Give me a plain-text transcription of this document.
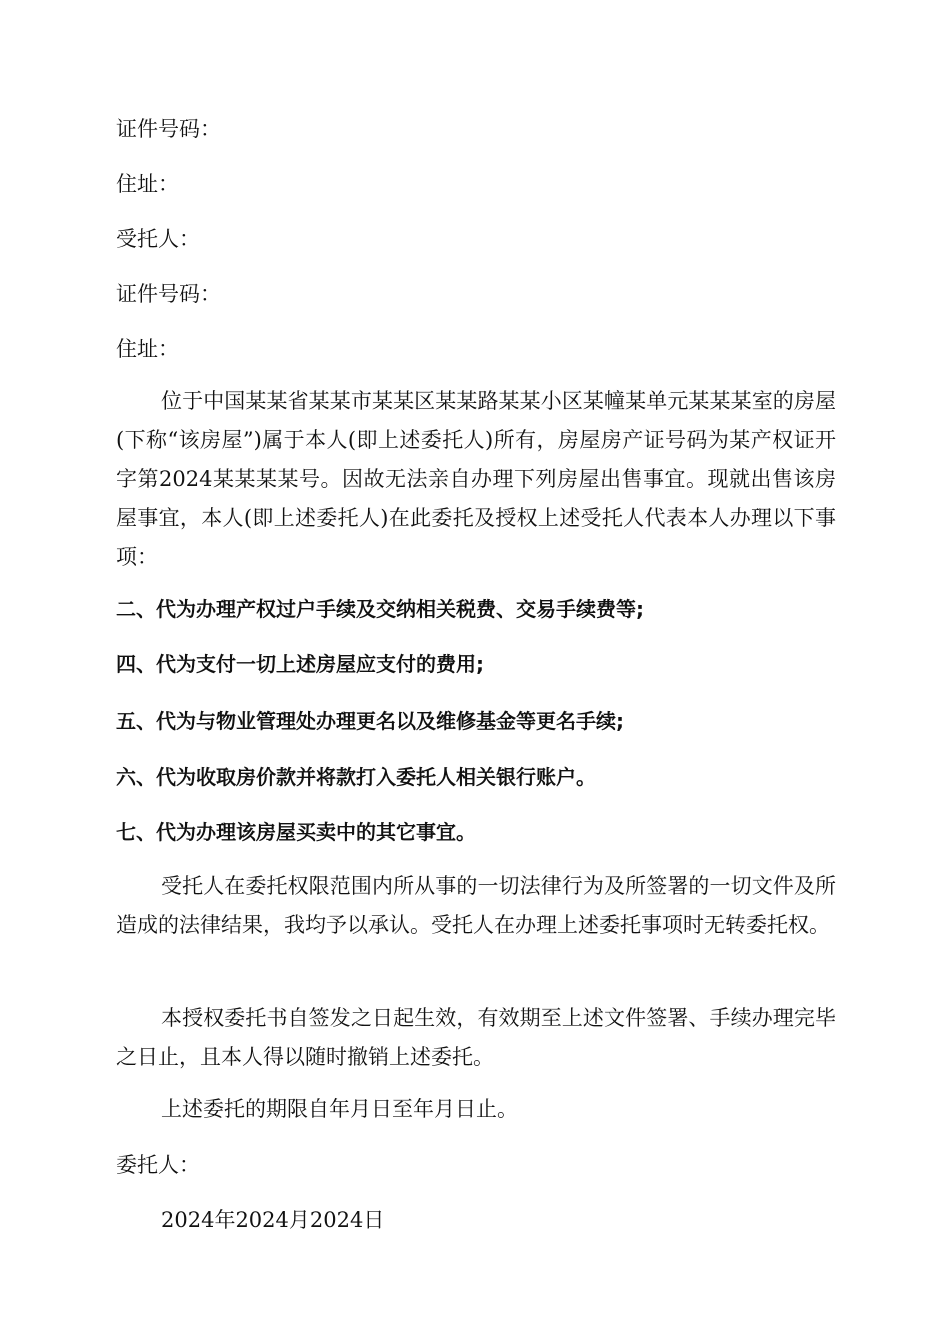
证件号码：

住址：

受托人：

证件号码：

住址：

位于中国某某省某某市某某区某某路某某小区某幢某单元某某某室的房屋(下称“该房屋”)属于本人(即上述委托人)所有，房屋房产证号码为某产权证开字第2024某某某某号。因故无法亲自办理下列房屋出售事宜。现就出售该房屋事宜，本人(即上述委托人)在此委托及授权上述受托人代表本人办理以下事项：

二、代为办理产权过户手续及交纳相关税费、交易手续费等;

四、代为支付一切上述房屋应支付的费用;

五、代为与物业管理处办理更名以及维修基金等更名手续;

六、代为收取房价款并将款打入委托人相关银行账户。

七、代为办理该房屋买卖中的其它事宜。

受托人在委托权限范围内所从事的一切法律行为及所签署的一切文件及所造成的法律结果，我均予以承认。受托人在办理上述委托事项时无转委托权。

本授权委托书自签发之日起生效，有效期至上述文件签署、手续办理完毕之日止，且本人得以随时撤销上述委托。

上述委托的期限自年月日至年月日止。

委托人：

2024年2024月2024日
